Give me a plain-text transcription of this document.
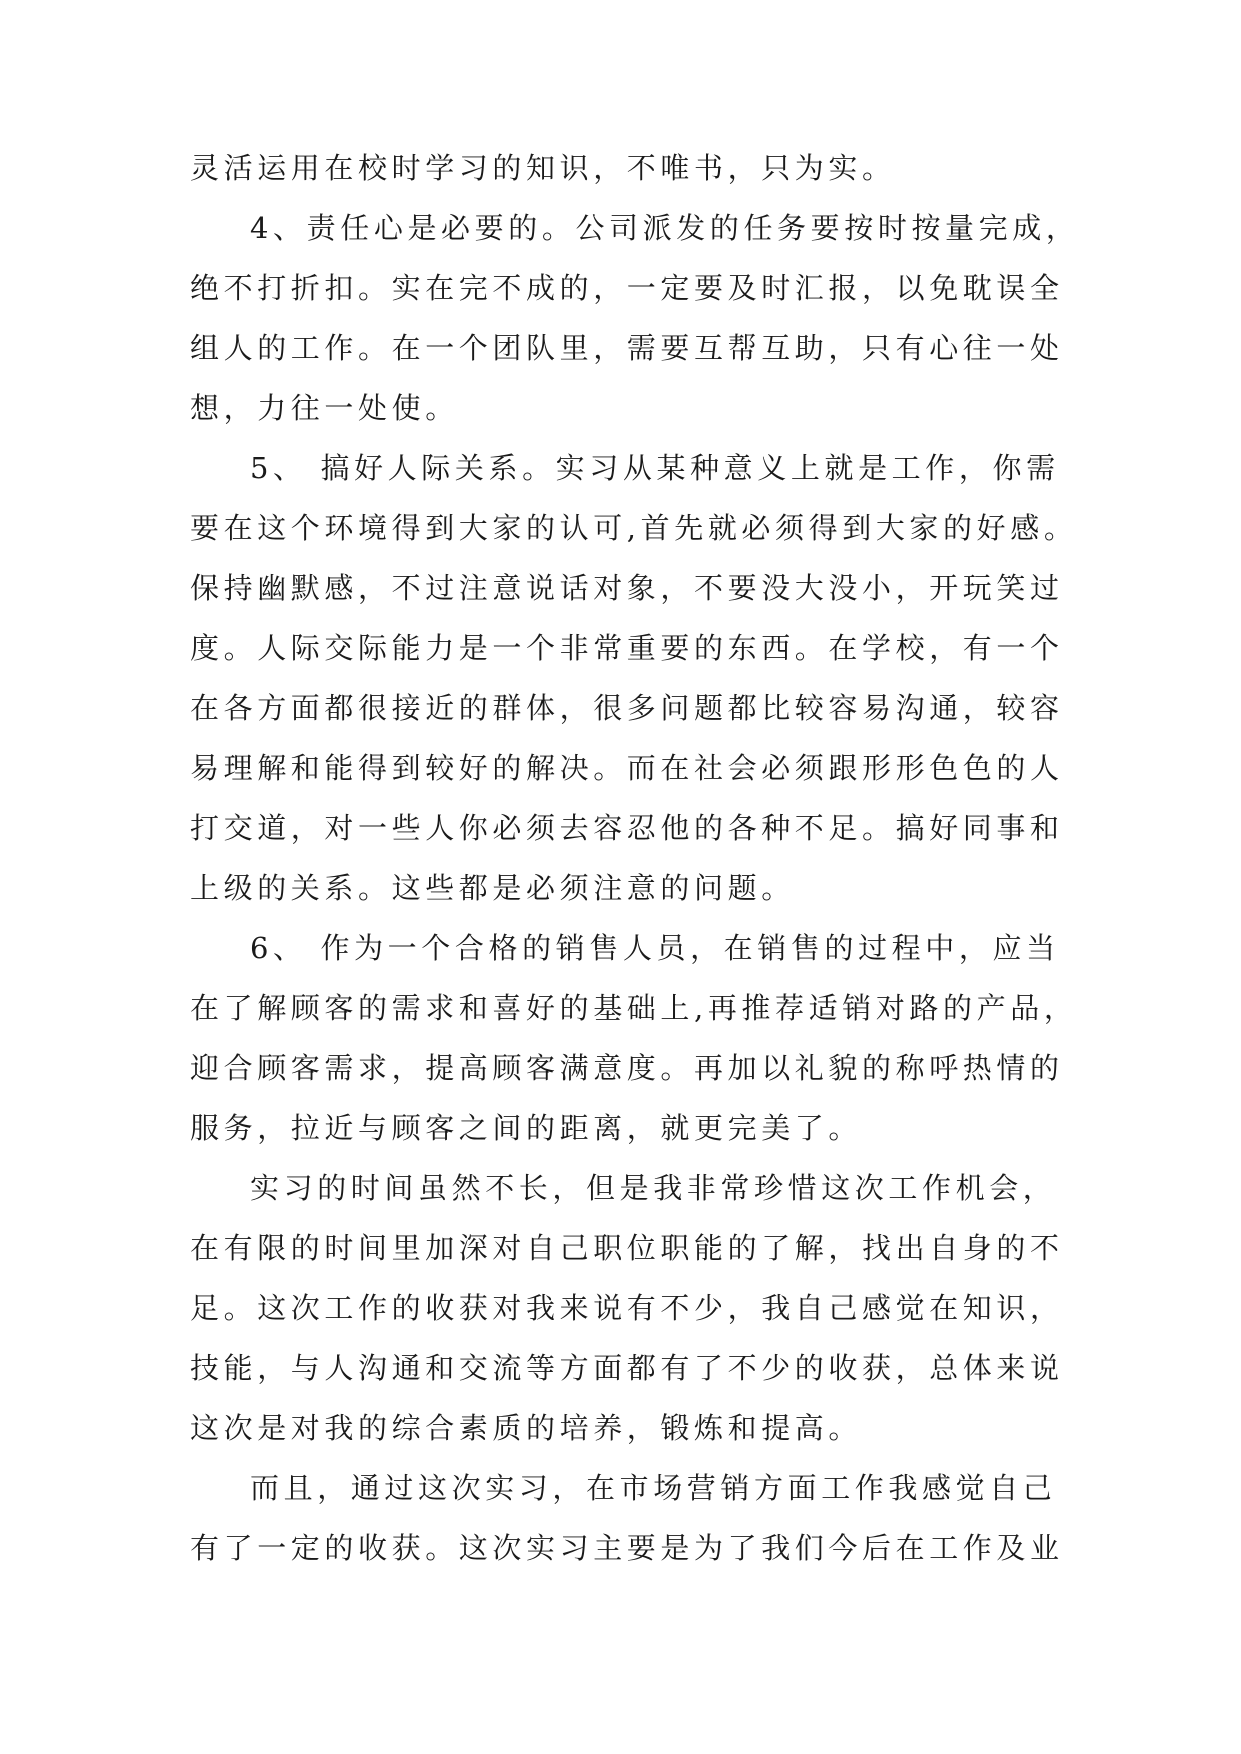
灵活运用在校时学习的知识，不唯书，只为实。
4、责任心是必要的。公司派发的任务要按时按量完成，
绝不打折扣。实在完不成的，一定要及时汇报，以免耽误全
组人的工作。在一个团队里，需要互帮互助，只有心往一处
想，力往一处使。
5、 搞好人际关系。实习从某种意义上就是工作，你需
要在这个环境得到大家的认可,首先就必须得到大家的好感。
保持幽默感，不过注意说话对象，不要没大没小，开玩笑过
度。人际交际能力是一个非常重要的东西。在学校，有一个
在各方面都很接近的群体，很多问题都比较容易沟通，较容
易理解和能得到较好的解决。而在社会必须跟形形色色的人
打交道，对一些人你必须去容忍他的各种不足。搞好同事和
上级的关系。这些都是必须注意的问题。
6、 作为一个合格的销售人员，在销售的过程中，应当
在了解顾客的需求和喜好的基础上,再推荐适销对路的产品，
迎合顾客需求，提高顾客满意度。再加以礼貌的称呼热情的
服务，拉近与顾客之间的距离，就更完美了。
实习的时间虽然不长，但是我非常珍惜这次工作机会，
在有限的时间里加深对自己职位职能的了解，找出自身的不
足。这次工作的收获对我来说有不少，我自己感觉在知识，
技能，与人沟通和交流等方面都有了不少的收获，总体来说
这次是对我的综合素质的培养，锻炼和提高。
而且，通过这次实习，在市场营销方面工作我感觉自己
有了一定的收获。这次实习主要是为了我们今后在工作及业
